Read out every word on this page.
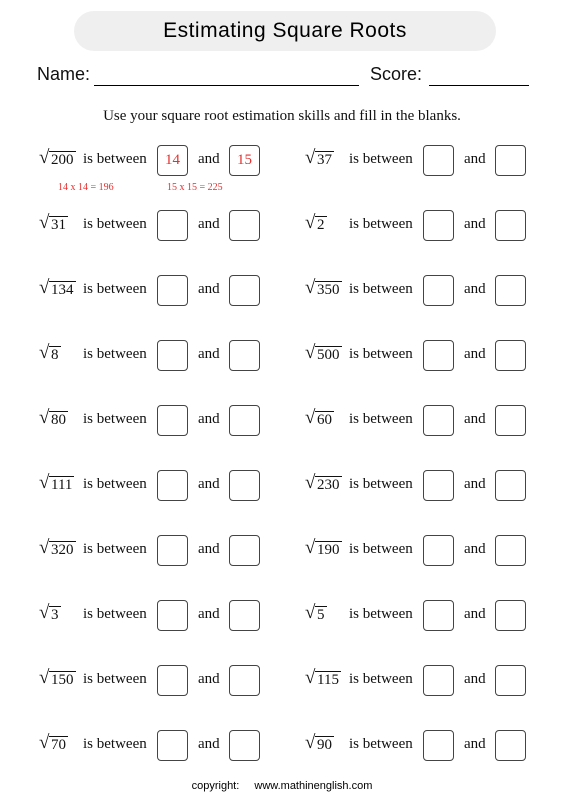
Estimating Square Roots
Name:	Score:
Use your square root estimation skills and fill in the blanks.
√ 200 is between	14	and	15
√ 31 is between	and
√ 134 is between	and
√ 8 is between	and
√ 80 is between	and
√ 111 is between	and
√ 320 is between	and
√ 3 is between	and
√ 150 is between	and
√ 70 is between	and
√ 37 is between	and
√ 2 is between	and
√ 350 is between	and
√ 500 is between	and
√ 60 is between	and
√ 230 is between	and
√ 190 is between	and
√ 5 is between	and
√ 115 is between	and
√ 90 is between	and
14 x 14 = 196	15 x 15 = 225
copyright: www.mathinenglish.com
